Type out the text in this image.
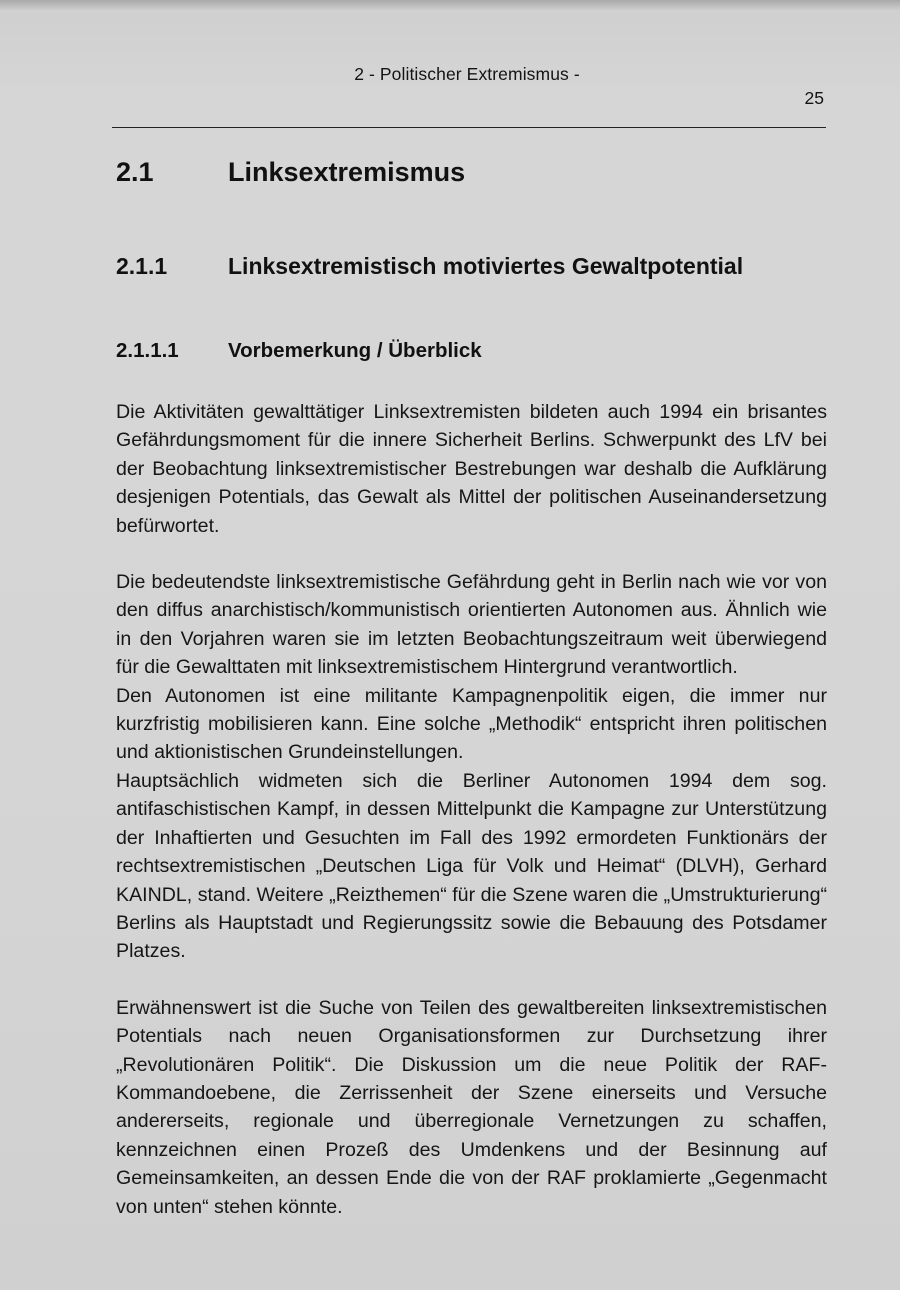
2 - Politischer Extremismus -
25
2.1	Linksextremismus
2.1.1	Linksextremistisch motiviertes Gewaltpotential
2.1.1.1 Vorbemerkung / Überblick

Die Aktivitäten gewalttätiger Linksextremisten bildeten auch 1994 ein brisantes Gefährdungsmoment für die innere Sicherheit Berlins. Schwerpunkt des LfV bei der Beobachtung linksextremistischer Bestrebungen war deshalb die Aufklärung desjenigen Potentials, das Gewalt als Mittel der politischen Auseinandersetzung befürwortet.

Die bedeutendste linksextremistische Gefährdung geht in Berlin nach wie vor von den diffus anarchistisch/kommunistisch orientierten Autonomen aus. Ähnlich wie in den Vorjahren waren sie im letzten Beobachtungszeitraum weit überwiegend für die Gewalttaten mit linksextremistischem Hintergrund verantwortlich.

Den Autonomen ist eine militante Kampagnenpolitik eigen, die immer nur kurzfristig mobilisieren kann. Eine solche „Methodik“ entspricht ihren politischen und aktionistischen Grundeinstellungen.

Hauptsächlich widmeten sich die Berliner Autonomen 1994 dem sog. antifaschistischen Kampf, in dessen Mittelpunkt die Kampagne zur Unterstützung der Inhaftierten und Gesuchten im Fall des 1992 ermordeten Funktionärs der rechtsextremistischen „Deutschen Liga für Volk und Heimat“ (DLVH), Gerhard KAINDL, stand. Weitere „Reizthemen“ für die Szene waren die „Umstrukturierung“ Berlins als Hauptstadt und Regierungssitz sowie die Bebauung des Potsdamer Platzes.

Erwähnenswert ist die Suche von Teilen des gewaltbereiten linksextremistischen Potentials nach neuen Organisationsformen zur Durchsetzung ihrer „Revolutionären Politik“. Die Diskussion um die neue Politik der RAF-Kommandoebene, die Zerrissenheit der Szene einerseits und Versuche andererseits, regionale und überregionale Vernetzungen zu schaffen, kennzeichnen einen Prozeß des Umdenkens und der Besinnung auf Gemeinsamkeiten, an dessen Ende die von der RAF proklamierte „Gegenmacht von unten“ stehen könnte.
